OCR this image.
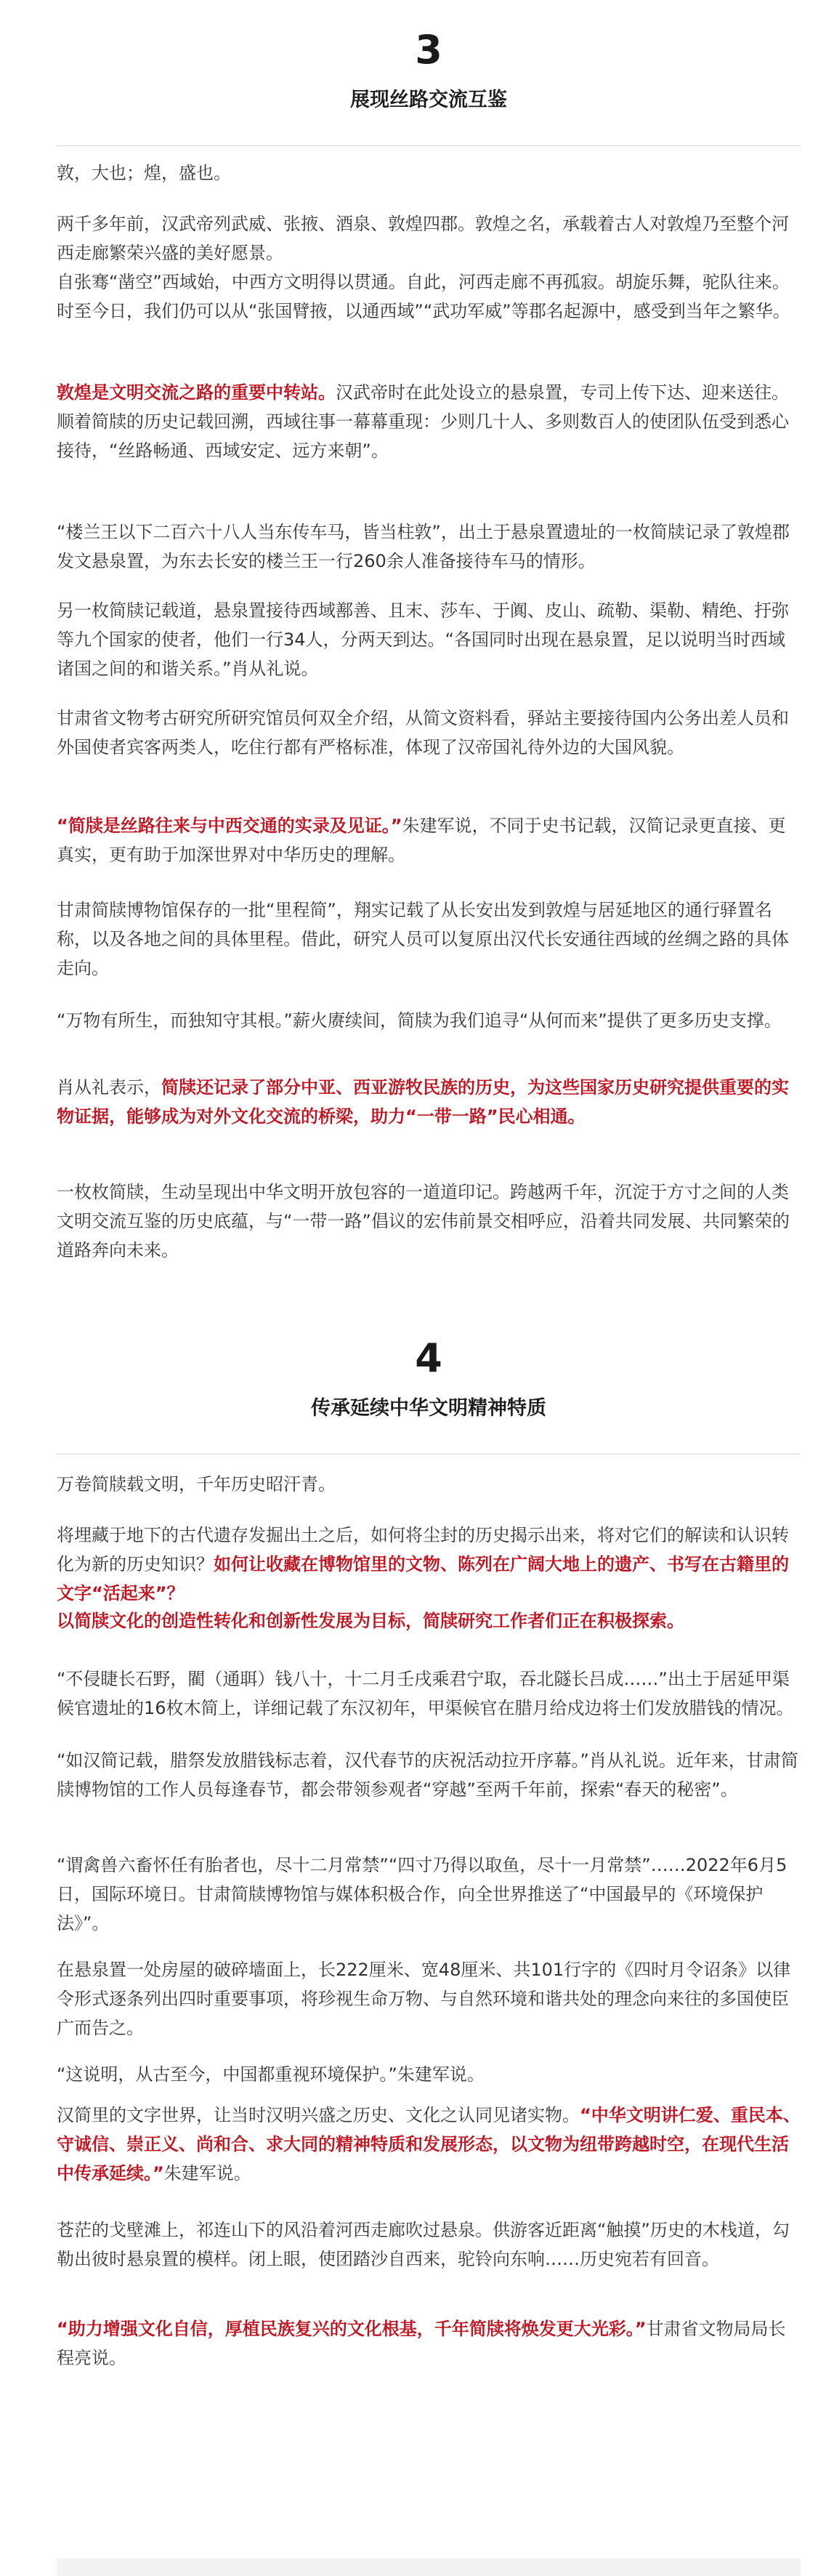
3
展现丝路交流互鉴

敦，大也；煌，盛也。

两千多年前，汉武帝列武威、张掖、酒泉、敦煌四郡。敦煌之名，承载着古人对敦煌乃至整个河西走廊繁荣兴盛的美好愿景。

自张骞“凿空”西域始，中西方文明得以贯通。自此，河西走廊不再孤寂。胡旋乐舞，驼队往来。时至今日，我们仍可以从“张国臂掖，以通西域”“武功军威”等郡名起源中，感受到当年之繁华。

敦煌是文明交流之路的重要中转站。汉武帝时在此处设立的悬泉置，专司上传下达、迎来送往。顺着简牍的历史记载回溯，西域往事一幕幕重现：少则几十人、多则数百人的使团队伍受到悉心接待，“丝路畅通、西域安定、远方来朝”。

“楼兰王以下二百六十八人当东传车马，皆当柱敦”，出土于悬泉置遗址的一枚简牍记录了敦煌郡发文悬泉置，为东去长安的楼兰王一行260余人准备接待车马的情形。

另一枚简牍记载道，悬泉置接待西域鄯善、且末、莎车、于阗、皮山、疏勒、渠勒、精绝、扜弥等九个国家的使者，他们一行34人，分两天到达。“各国同时出现在悬泉置，足以说明当时西域诸国之间的和谐关系。”肖从礼说。

甘肃省文物考古研究所研究馆员何双全介绍，从简文资料看，驿站主要接待国内公务出差人员和外国使者宾客两类人，吃住行都有严格标准，体现了汉帝国礼待外边的大国风貌。

“简牍是丝路往来与中西交通的实录及见证。”朱建军说，不同于史书记载，汉简记录更直接、更真实，更有助于加深世界对中华历史的理解。

甘肃简牍博物馆保存的一批“里程简”，翔实记载了从长安出发到敦煌与居延地区的通行驿置名称，以及各地之间的具体里程。借此，研究人员可以复原出汉代长安通往西域的丝绸之路的具体走向。

“万物有所生，而独知守其根。”薪火赓续间，简牍为我们追寻“从何而来”提供了更多历史支撑。

肖从礼表示，简牍还记录了部分中亚、西亚游牧民族的历史，为这些国家历史研究提供重要的实物证据，能够成为对外文化交流的桥梁，助力“一带一路”民心相通。

一枚枚简牍，生动呈现出中华文明开放包容的一道道印记。跨越两千年，沉淀于方寸之间的人类文明交流互鉴的历史底蕴，与“一带一路”倡议的宏伟前景交相呼应，沿着共同发展、共同繁荣的道路奔向未来。

4
传承延续中华文明精神特质

万卷简牍载文明，千年历史昭汗青。

将埋藏于地下的古代遗存发掘出土之后，如何将尘封的历史揭示出来，将对它们的解读和认识转化为新的历史知识？如何让收藏在博物馆里的文物、陈列在广阔大地上的遗产、书写在古籍里的文字“活起来”？

以简牍文化的创造性转化和创新性发展为目标，简牍研究工作者们正在积极探索。

“不侵睫长石野，閵（通聑）钱八十，十二月壬戌乘君宁取，吞北隧长吕成……”出土于居延甲渠候官遗址的16枚木简上，详细记载了东汉初年，甲渠候官在腊月给戍边将士们发放腊钱的情况。

“如汉简记载，腊祭发放腊钱标志着，汉代春节的庆祝活动拉开序幕。”肖从礼说。近年来，甘肃简牍博物馆的工作人员每逢春节，都会带领参观者“穿越”至两千年前，探索“春天的秘密”。

“谓禽兽六畜怀任有胎者也，尽十二月常禁”“四寸乃得以取鱼，尽十一月常禁”……2022年6月5日，国际环境日。甘肃简牍博物馆与媒体积极合作，向全世界推送了“中国最早的《环境保护法》”。

在悬泉置一处房屋的破碎墙面上，长222厘米、宽48厘米、共101行字的《四时月令诏条》以律令形式逐条列出四时重要事项，将珍视生命万物、与自然环境和谐共处的理念向来往的多国使臣广而告之。

“这说明，从古至今，中国都重视环境保护。”朱建军说。

汉简里的文字世界，让当时汉明兴盛之历史、文化之认同见诸实物。“中华文明讲仁爱、重民本、守诚信、崇正义、尚和合、求大同的精神特质和发展形态，以文物为纽带跨越时空，在现代生活中传承延续。”朱建军说。

苍茫的戈壁滩上，祁连山下的风沿着河西走廊吹过悬泉。供游客近距离“触摸”历史的木栈道，勾勒出彼时悬泉置的模样。闭上眼，使团踏沙自西来，驼铃向东响……历史宛若有回音。

“助力增强文化自信，厚植民族复兴的文化根基，千年简牍将焕发更大光彩。”甘肃省文物局局长程亮说。
